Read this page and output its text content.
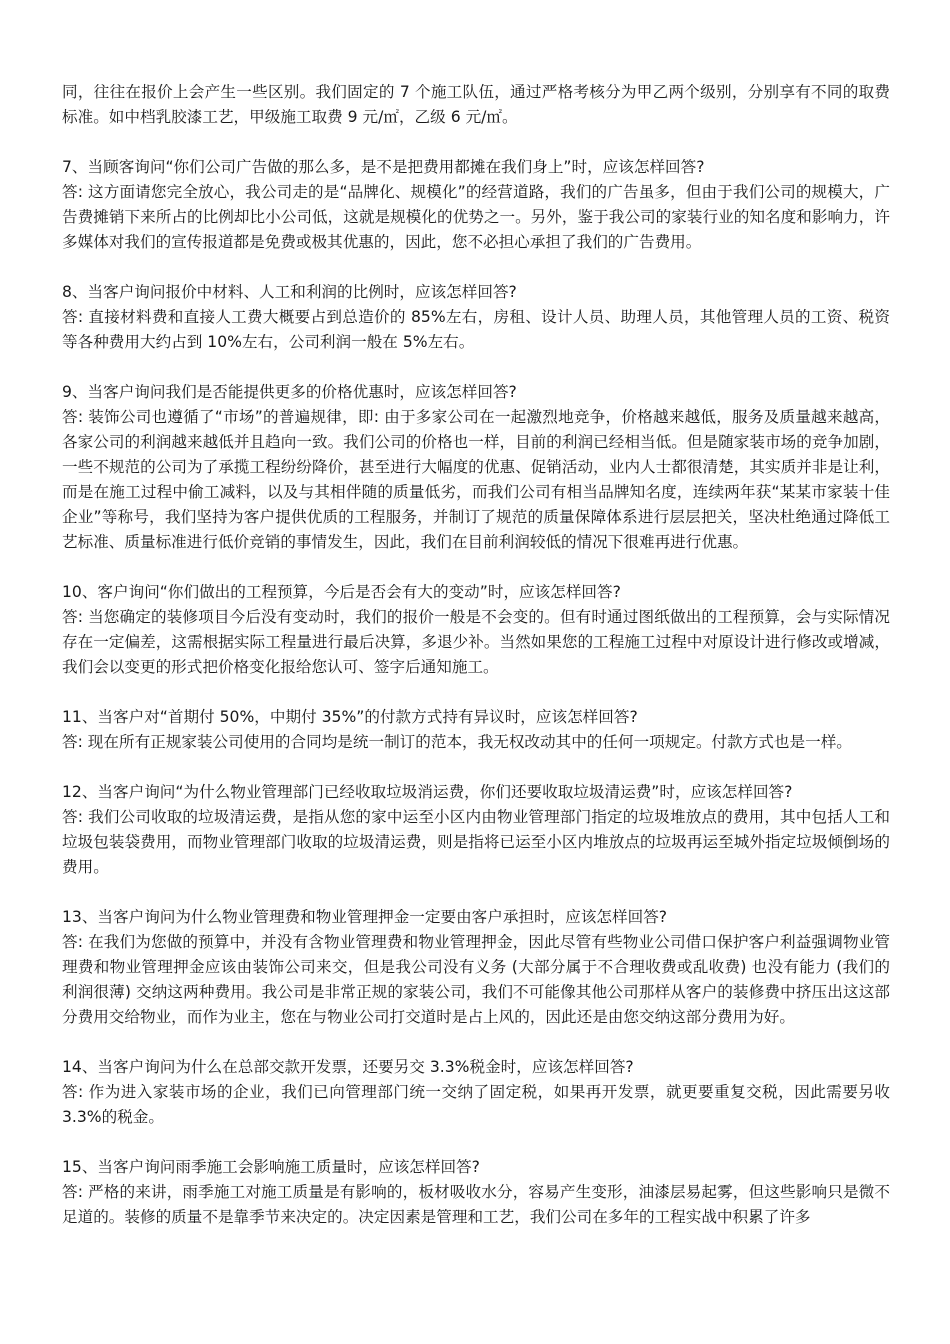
同，往往在报价上会产生一些区别。我们固定的 7 个施工队伍，通过严格考核分为甲乙两个级别，分别享有不同的取费标准。如中档乳胶漆工艺，甲级施工取费 9 元/㎡，乙级 6 元/㎡。

7、当顾客询问“你们公司广告做的那么多，是不是把费用都摊在我们身上”时，应该怎样回答?

答: 这方面请您完全放心，我公司走的是“品牌化、规模化”的经营道路，我们的广告虽多，但由于我们公司的规模大，广告费摊销下来所占的比例却比小公司低，这就是规模化的优势之一。另外，鉴于我公司的家装行业的知名度和影响力，许多媒体对我们的宣传报道都是免费或极其优惠的，因此，您不必担心承担了我们的广告费用。

8、当客户询问报价中材料、人工和利润的比例时，应该怎样回答?

答: 直接材料费和直接人工费大概要占到总造价的 85%左右，房租、设计人员、助理人员，其他管理人员的工资、税资等各种费用大约占到 10%左右，公司利润一般在 5%左右。

9、当客户询问我们是否能提供更多的价格优惠时，应该怎样回答?

答: 装饰公司也遵循了“市场”的普遍规律，即: 由于多家公司在一起激烈地竞争，价格越来越低，服务及质量越来越高，各家公司的利润越来越低并且趋向一致。我们公司的价格也一样，目前的利润已经相当低。但是随家装市场的竞争加剧，一些不规范的公司为了承揽工程纷纷降价，甚至进行大幅度的优惠、促销活动，业内人士都很清楚，其实质并非是让利，而是在施工过程中偷工减料，以及与其相伴随的质量低劣，而我们公司有相当品牌知名度，连续两年获“某某市家装十佳企业”等称号，我们坚持为客户提供优质的工程服务，并制订了规范的质量保障体系进行层层把关，坚决杜绝通过降低工艺标准、质量标准进行低价竞销的事情发生，因此，我们在目前利润较低的情况下很难再进行优惠。

10、客户询问“你们做出的工程预算，今后是否会有大的变动”时，应该怎样回答?

答: 当您确定的装修项目今后没有变动时，我们的报价一般是不会变的。但有时通过图纸做出的工程预算，会与实际情况存在一定偏差，这需根据实际工程量进行最后决算，多退少补。当然如果您的工程施工过程中对原设计进行修改或增减，我们会以变更的形式把价格变化报给您认可、签字后通知施工。

11、当客户对“首期付 50%，中期付 35%”的付款方式持有异议时，应该怎样回答?

答: 现在所有正规家装公司使用的合同均是统一制订的范本，我无权改动其中的任何一项规定。付款方式也是一样。

12、当客户询问“为什么物业管理部门已经收取垃圾消运费，你们还要收取垃圾清运费”时，应该怎样回答?

答: 我们公司收取的垃圾清运费，是指从您的家中运至小区内由物业管理部门指定的垃圾堆放点的费用，其中包括人工和垃圾包装袋费用，而物业管理部门收取的垃圾清运费，则是指将已运至小区内堆放点的垃圾再运至城外指定垃圾倾倒场的费用。

13、当客户询问为什么物业管理费和物业管理押金一定要由客户承担时，应该怎样回答?

答: 在我们为您做的预算中，并没有含物业管理费和物业管理押金，因此尽管有些物业公司借口保护客户利益强调物业管理费和物业管理押金应该由装饰公司来交，但是我公司没有义务 (大部分属于不合理收费或乱收费) 也没有能力 (我们的利润很薄) 交纳这两种费用。我公司是非常正规的家装公司，我们不可能像其他公司那样从客户的装修费中挤压出这这部分费用交给物业，而作为业主，您在与物业公司打交道时是占上风的，因此还是由您交纳这部分费用为好。

14、当客户询问为什么在总部交款开发票，还要另交 3.3%税金时，应该怎样回答?

答: 作为进入家装市场的企业，我们已向管理部门统一交纳了固定税，如果再开发票，就更要重复交税，因此需要另收 3.3%的税金。

15、当客户询问雨季施工会影响施工质量时，应该怎样回答?

答: 严格的来讲，雨季施工对施工质量是有影响的，板材吸收水分，容易产生变形，油漆层易起雾，但这些影响只是微不足道的。装修的质量不是靠季节来决定的。决定因素是管理和工艺，我们公司在多年的工程实战中积累了许多
